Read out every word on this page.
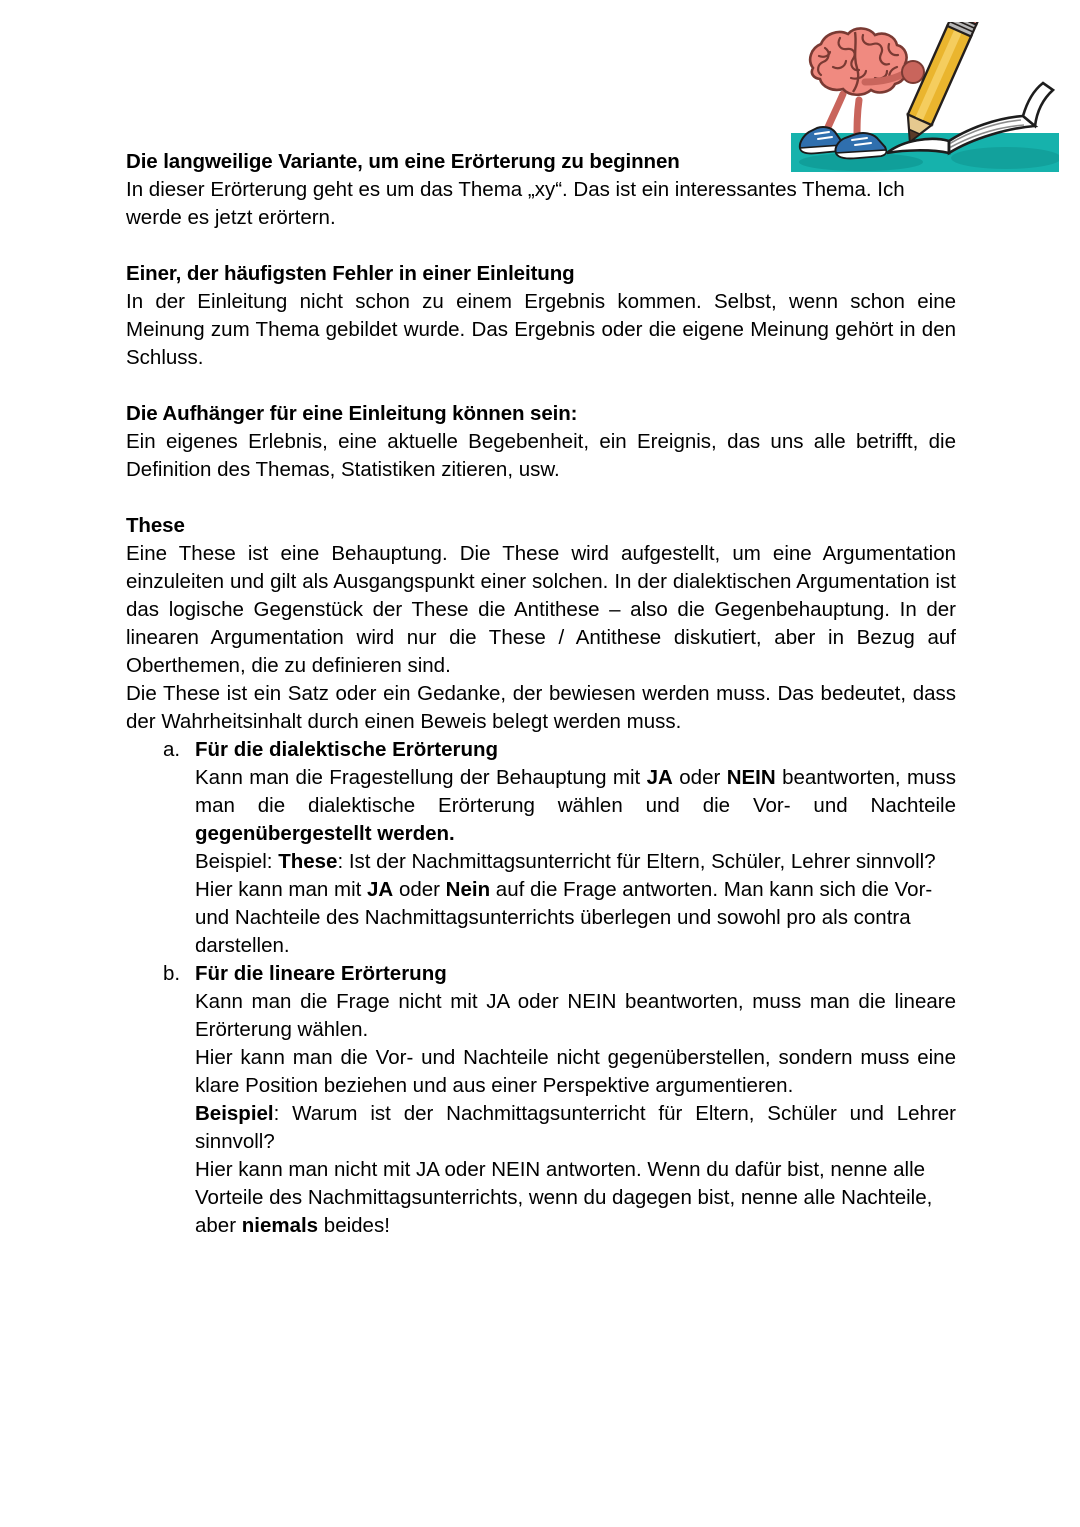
Die langweilige Variante, um eine Erörterung zu beginnen

In dieser Erörterung geht es um das Thema „xy“. Das ist ein interessantes Thema. Ich werde es jetzt erörtern.

Einer, der häufigsten Fehler in einer Einleitung

In der Einleitung nicht schon zu einem Ergebnis kommen. Selbst, wenn schon eine Meinung zum Thema gebildet wurde. Das Ergebnis oder die eigene Meinung gehört in den Schluss.

Die Aufhänger für eine Einleitung können sein:

Ein eigenes Erlebnis, eine aktuelle Begebenheit, ein Ereignis, das uns alle betrifft, die Definition des Themas, Statistiken zitieren, usw.

These

Eine These ist eine Behauptung. Die These wird aufgestellt, um eine Argumentation einzuleiten und gilt als Ausgangspunkt einer solchen. In der dialektischen Argumentation ist das logische Gegenstück der These die Antithese – also die Gegenbehauptung. In der linearen Argumentation wird nur die These / Antithese diskutiert, aber in Bezug auf Oberthemen, die zu definieren sind.

Die These ist ein Satz oder ein Gedanke, der bewiesen werden muss. Das bedeutet, dass der Wahrheitsinhalt durch einen Beweis belegt werden muss.

a. Für die dialektische Erörterung

Kann man die Fragestellung der Behauptung mit JA oder NEIN beantworten, muss man die dialektische Erörterung wählen und die Vor- und Nachteile gegenübergestellt werden.

Beispiel: These: Ist der Nachmittagsunterricht für Eltern, Schüler, Lehrer sinnvoll?

Hier kann man mit JA oder Nein auf die Frage antworten. Man kann sich die Vor- und Nachteile des Nachmittagsunterrichts überlegen und sowohl pro als contra darstellen.

b. Für die lineare Erörterung

Kann man die Frage nicht mit JA oder NEIN beantworten, muss man die lineare Erörterung wählen.

Hier kann man die Vor- und Nachteile nicht gegenüberstellen, sondern muss eine klare Position beziehen und aus einer Perspektive argumentieren.

Beispiel: Warum ist der Nachmittagsunterricht für Eltern, Schüler und Lehrer sinnvoll?

Hier kann man nicht mit JA oder NEIN antworten. Wenn du dafür bist, nenne alle Vorteile des Nachmittagsunterrichts, wenn du dagegen bist, nenne alle Nachteile, aber niemals beides!
